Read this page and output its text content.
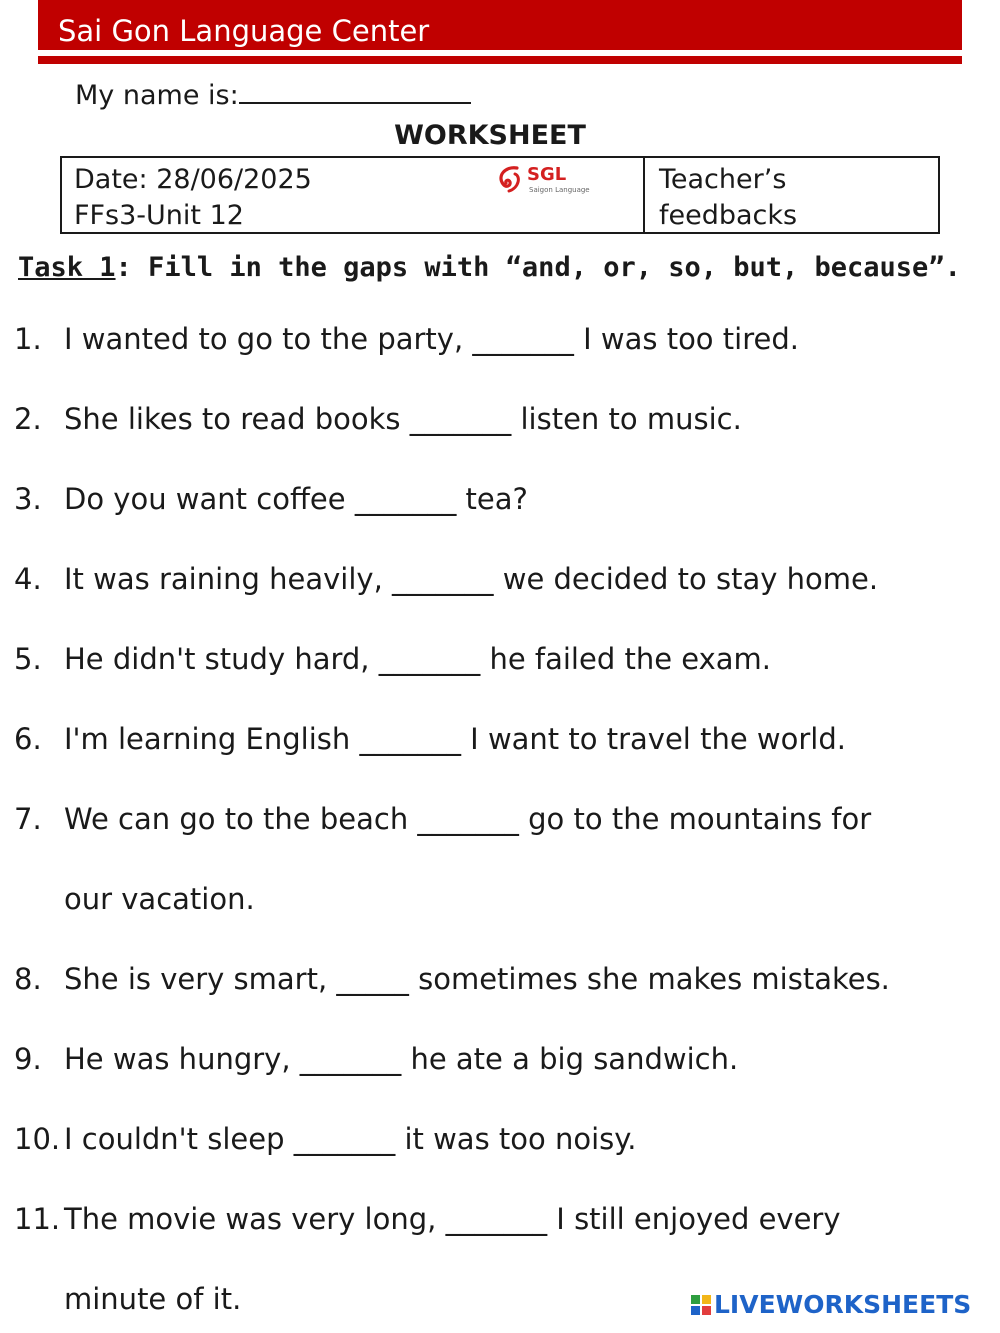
Sai Gon Language Center
My name is:
WORKSHEET
Date: 28/06/2025
FFs3-Unit 12
SGL
Saigon Language	Teacher’s
feedbacks
Task 1: Fill in the gaps with “and, or, so, but, because”.
1. I wanted to go to the party, _______ I was too tired.
2. She likes to read books _______ listen to music.
3. Do you want coffee _______ tea?
4. It was raining heavily, _______ we decided to stay home.
5. He didn't study hard, _______ he failed the exam.
6. I'm learning English _______ I want to travel the world.
7. We can go to the beach _______ go to the mountains for
our vacation.
8. She is very smart, _____ sometimes she makes mistakes.
9. He was hungry, _______ he ate a big sandwich.
10. I couldn't sleep _______ it was too noisy.
11. The movie was very long, _______ I still enjoyed every
minute of it.	LIVEWORKSHEETS
